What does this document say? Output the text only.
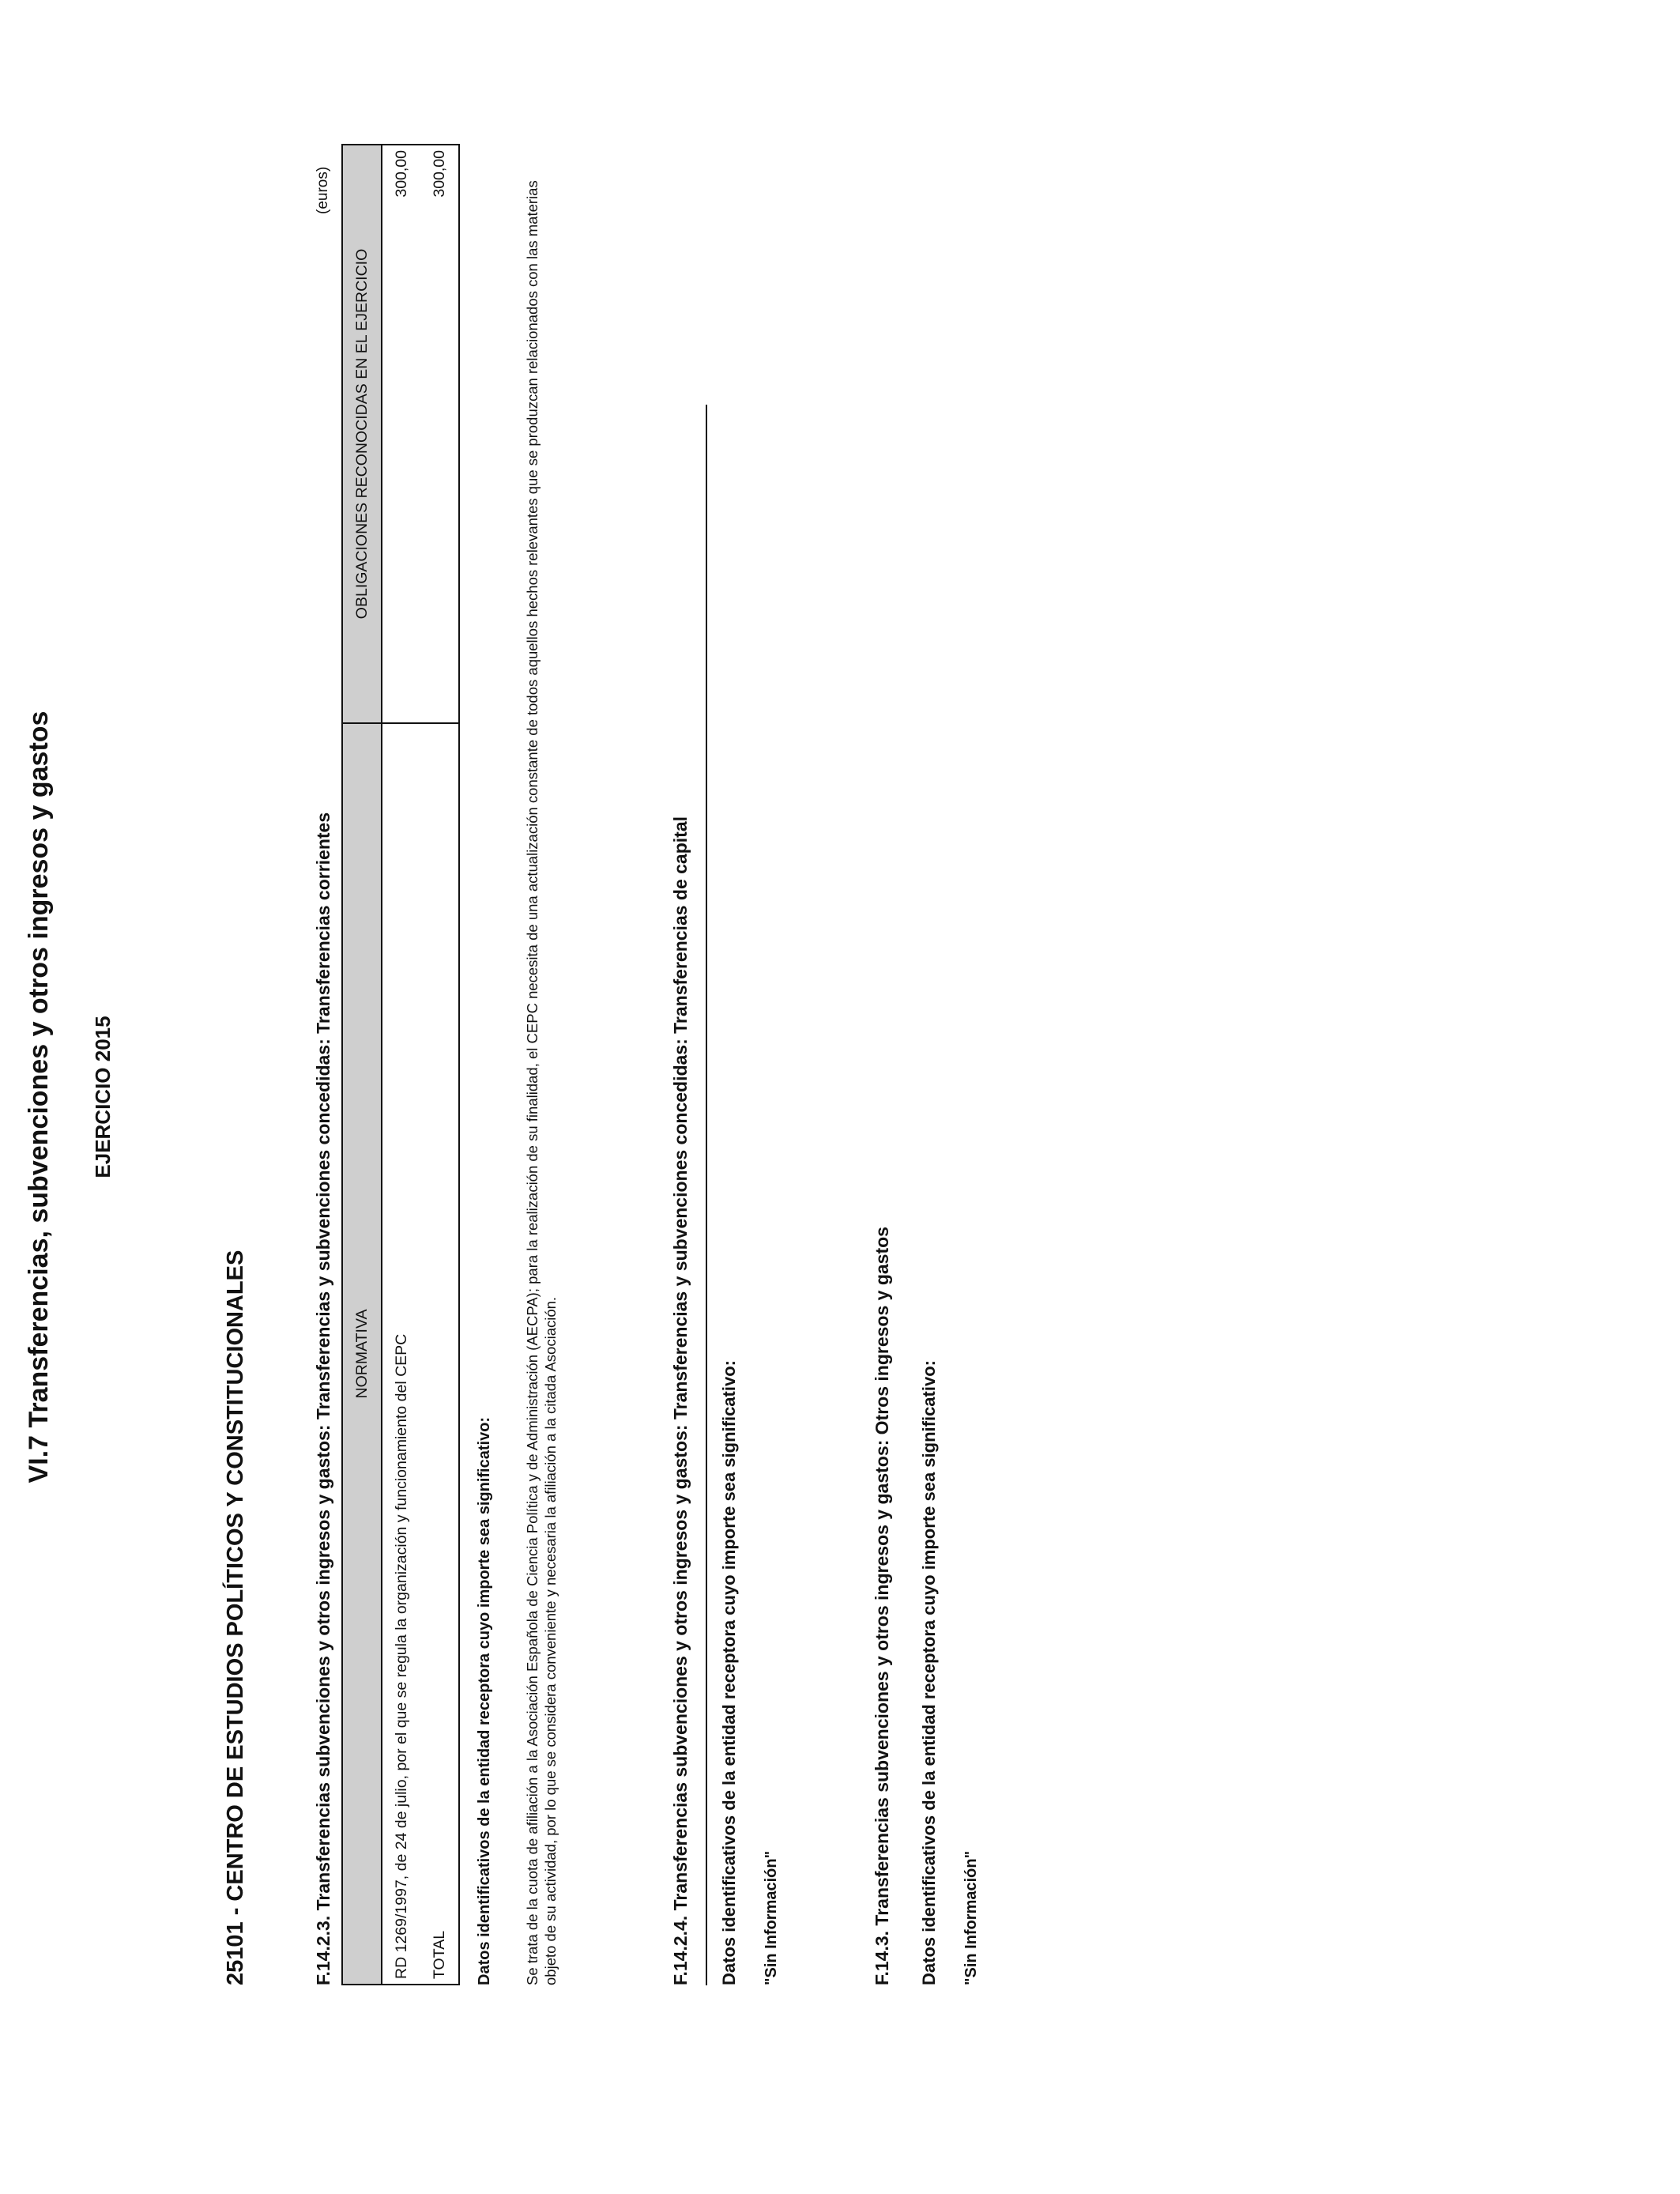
VI.7 Transferencias, subvenciones y otros ingresos y gastos EJERCICIO 2015
25101 - CENTRO DE ESTUDIOS POLÍTICOS Y CONSTITUCIONALES	F.14.2.3. Transferencias subvenciones y otros ingresos y gastos: Transferencias y subvenciones concedidas: Transferencias corrientes
(euros)
NORMATIVA	OBLIGACIONES RECONOCIDAS EN EL EJERCICIO
RD 1269/1997, de 24 de julio, por el que se regula la organización y funcionamiento del CEPC	300,00
TOTAL	300,00
Datos identificativos de la entidad receptora cuyo importe sea significativo: Se trata de la cuota de afiliación a la Asociación Española de Ciencia Política y de Administración (AECPA); para la realización de su finalidad, el CEPC necesita de una actualización constante de todos aquellos hechos relevantes que se produzcan relacionados con las materias objeto de su actividad, por lo que se considera conveniente y necesaria la afiliación a la citada Asociación.	F.14.2.4. Transferencias subvenciones y otros ingresos y gastos: Transferencias y subvenciones concedidas: Transferencias de capital Datos identificativos de la entidad receptora cuyo importe sea significativo: "Sin Información"	F.14.3. Transferencias subvenciones y otros ingresos y gastos: Otros ingresos y gastos Datos identificativos de la entidad receptora cuyo importe sea significativo: "Sin Información"
